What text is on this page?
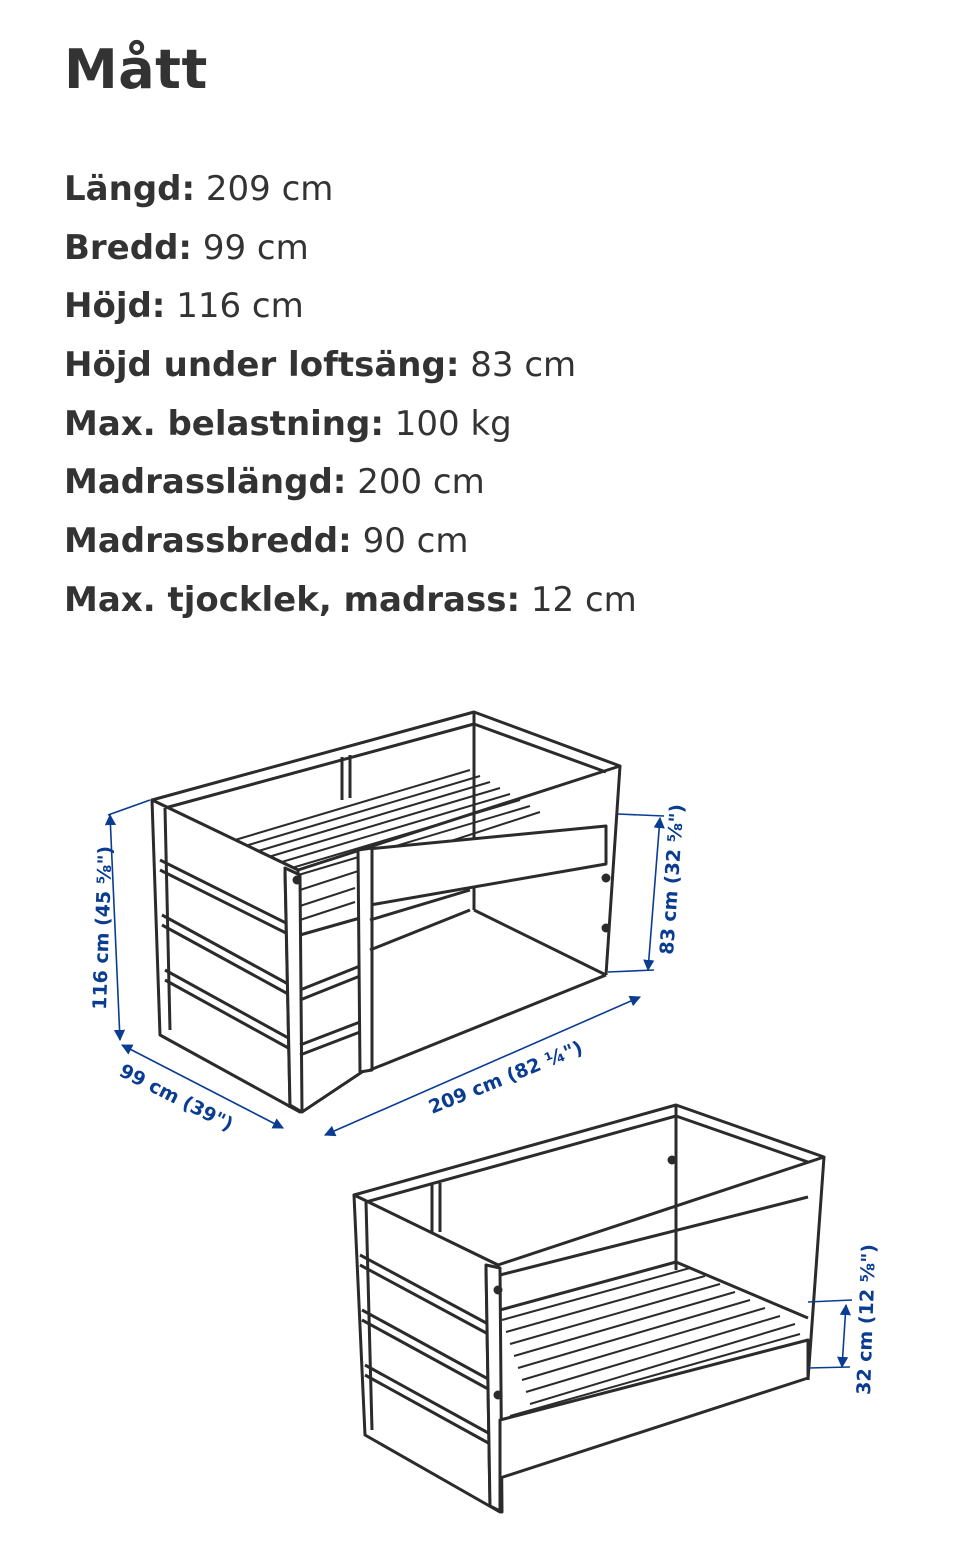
Mått
Längd: 209 cm
Bredd: 99 cm
Höjd: 116 cm
Höjd under loftsäng: 83 cm
Max. belastning: 100 kg
Madrasslängd: 200 cm
Madrassbredd: 90 cm
Max. tjocklek, madrass: 12 cm
116 cm (45 ⅝")	83 cm (32 ⅝")
99 cm (39")	209 cm (82 ¼")
32 cm (12 ⅝")
